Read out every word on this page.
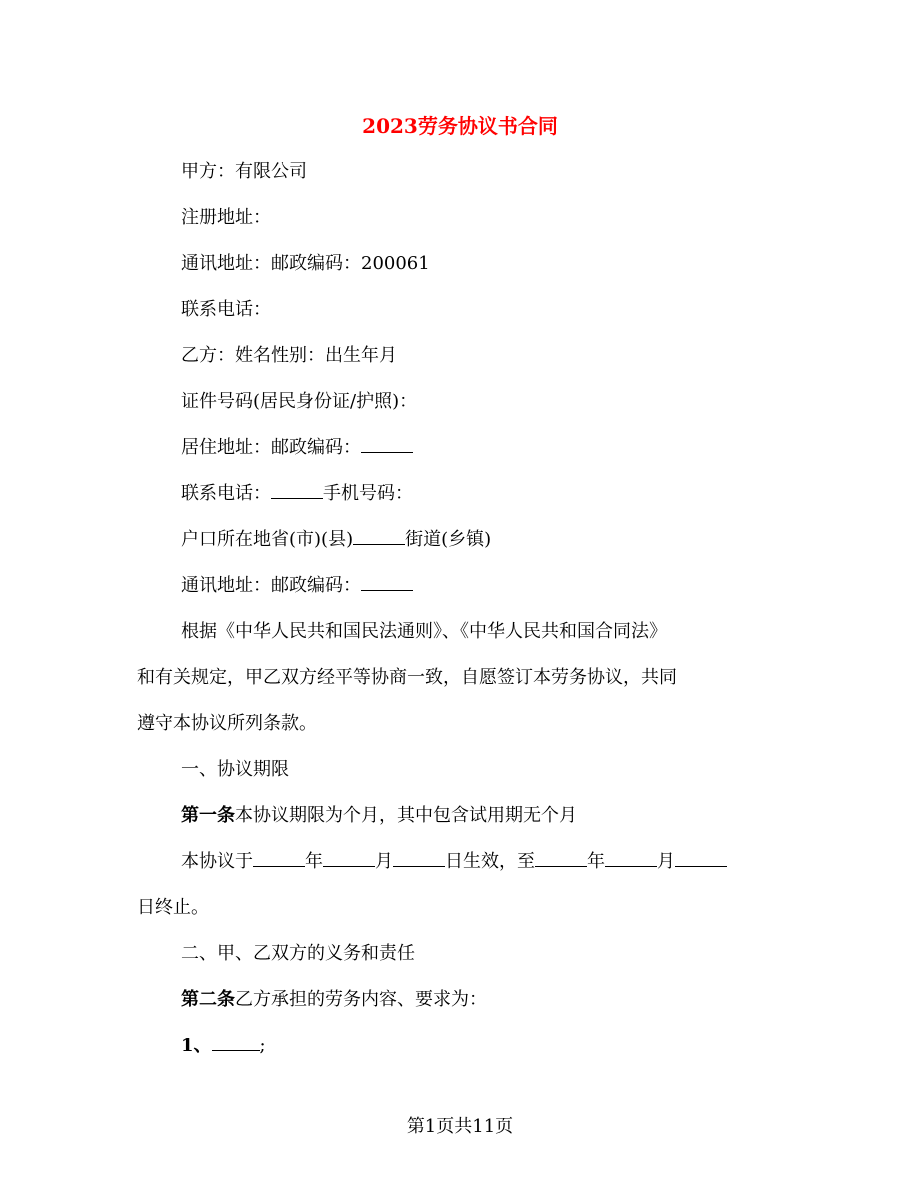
2023劳务协议书合同
甲方：有限公司
注册地址：
通讯地址：邮政编码：200061
联系电话：
乙方：姓名性别：出生年月
证件号码(居民身份证/护照)：
居住地址：邮政编码：
联系电话：	手机号码：
户口所在地省(市)(县)	街道(乡镇)
通讯地址：邮政编码：
根据《中华人民共和国民法通则》、《中华人民共和国合同法》
和有关规定，甲乙双方经平等协商一致，自愿签订本劳务协议，共同
遵守本协议所列条款。
一、协议期限
第一条本协议期限为个月，其中包含试用期无个月
本协议于	年	月	日生效，至	年	月
日终止。
二、甲、乙双方的义务和责任
第二条乙方承担的劳务内容、要求为：
1、	;
第1页共11页
